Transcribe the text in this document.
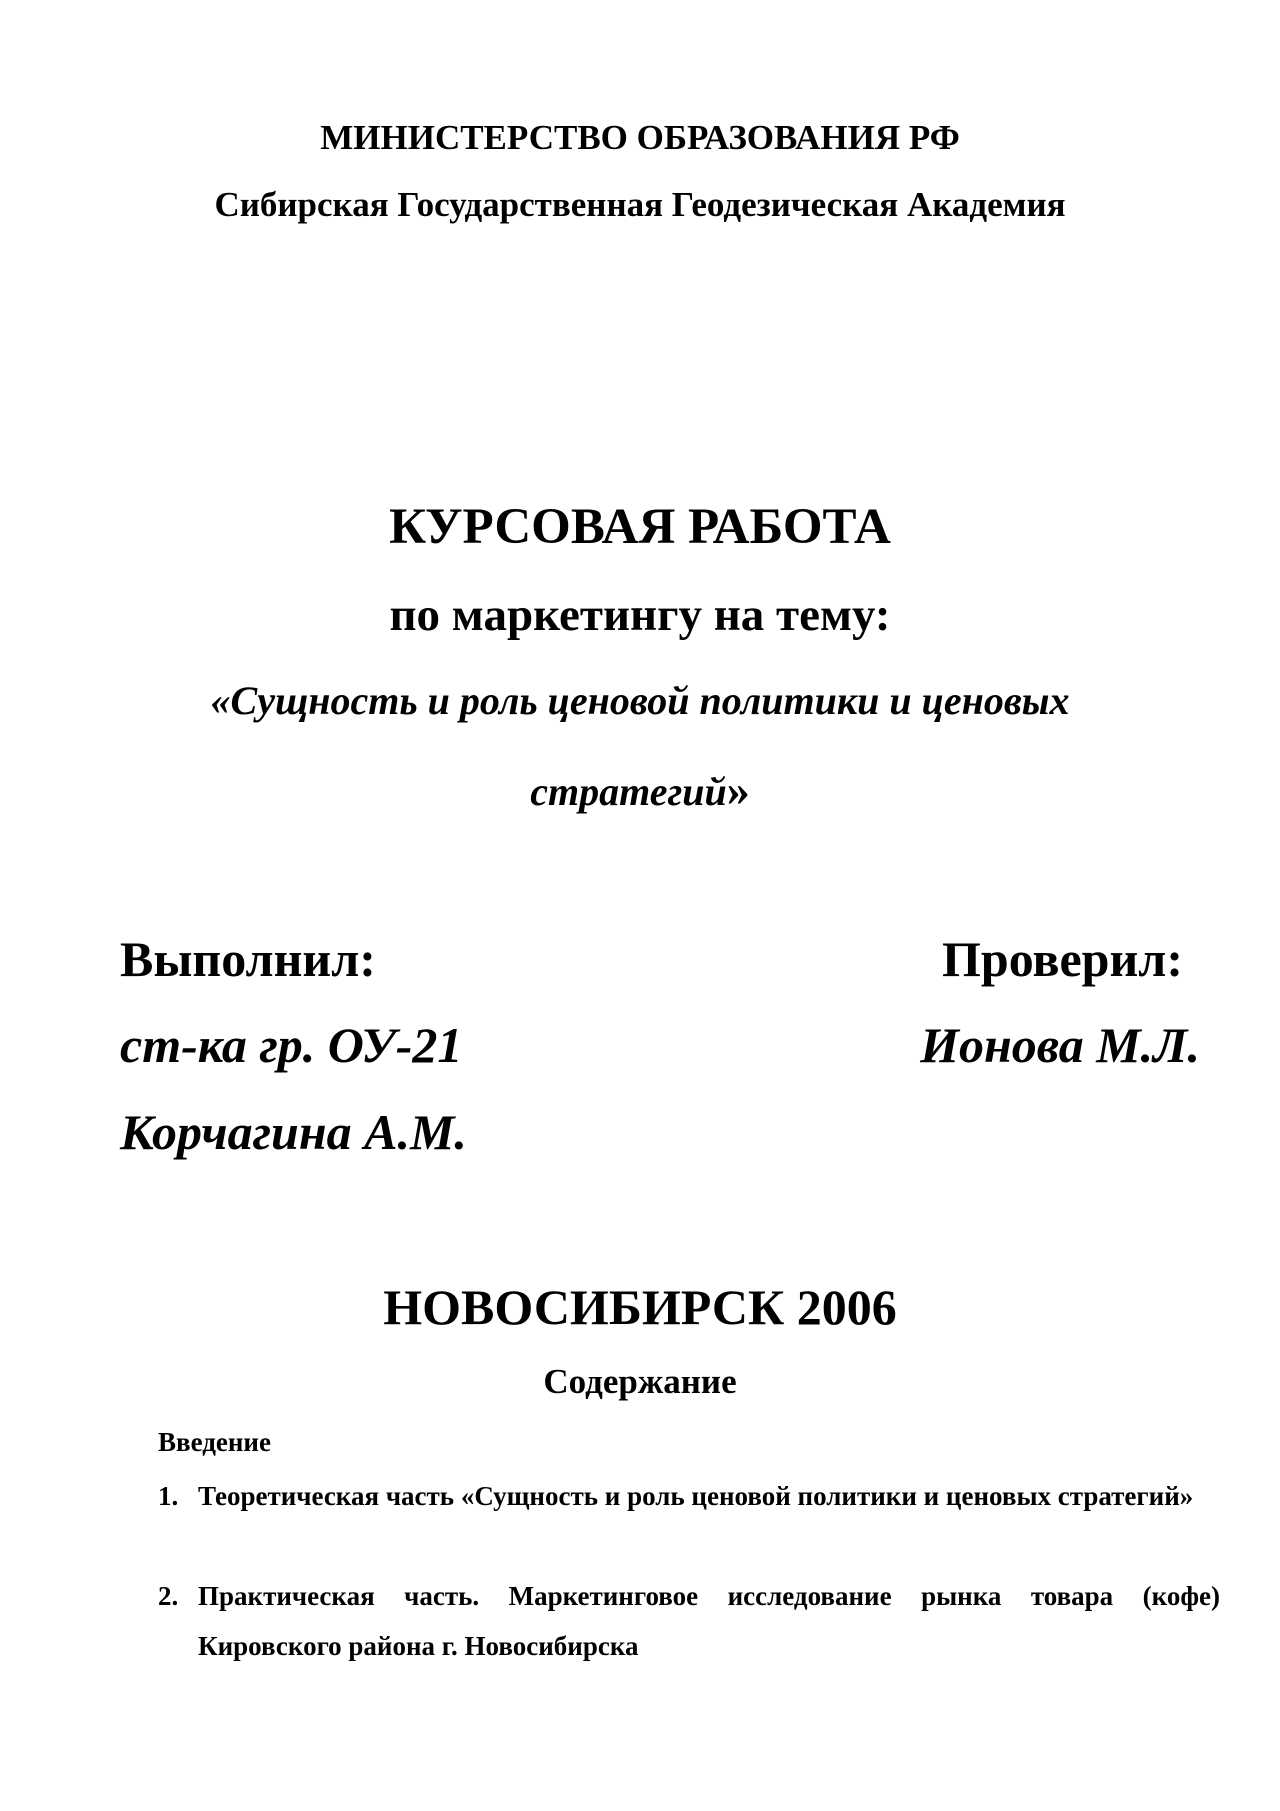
МИНИСТЕРСТВО ОБРАЗОВАНИЯ РФ
Сибирская Государственная Геодезическая Академия
КУРСОВАЯ РАБОТА
по маркетингу на тему:
«Сущность и роль ценовой политики и ценовых
стратегий»
Выполнил:
ст-ка гр. ОУ-21
Корчагина А.М.
Проверил:
Ионова М.Л.
НОВОСИБИРСК 2006
Содержание
Введение
1. Теоретическая часть «Сущность и роль ценовой политики и ценовых стратегий»
2. Практическая часть. Маркетинговое исследование рынка товара (кофе) Кировского района г. Новосибирска
